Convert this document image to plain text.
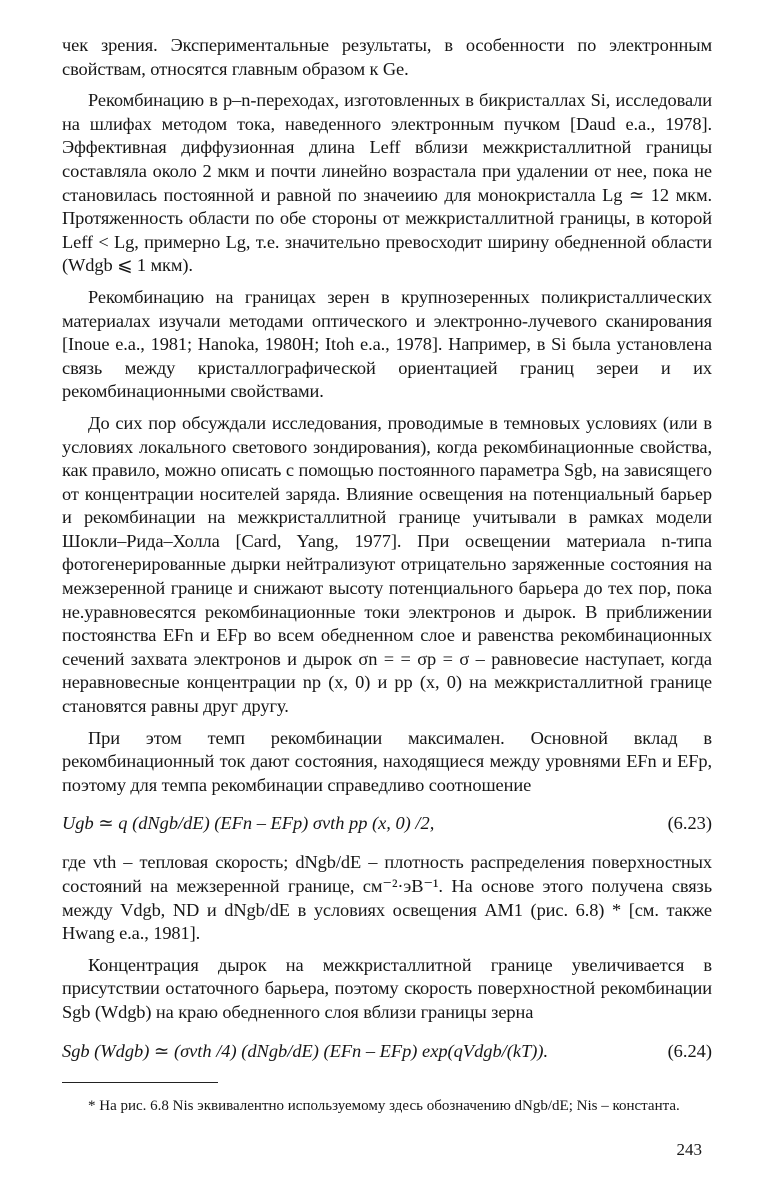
чек зрения. Экспериментальные результаты, в особенности по электронным свойствам, относятся главным образом к Ge.

Рекомбинацию в p–n-переходах, изготовленных в бикристаллах Si, исследовали на шлифах методом тока, наведенного электронным пучком [Daud e.a., 1978]. Эффективная диффузионная длина Leff вблизи межкристаллитной границы составляла около 2 мкм и почти линейно возрастала при удалении от нее, пока не становилась постоянной и равной по значеиию для монокристалла Lg ≃ 12 мкм. Протяженность области по обе стороны от межкристаллитной границы, в которой Leff < Lg, примерно Lg, т.е. значительно превосходит ширину обедненной области (Wdgb ⩽ 1 мкм).

Рекомбинацию на границах зерен в крупнозеренных поликристаллических материалах изучали методами оптического и электронно-лучевого сканирования [Inoue e.a., 1981; Hanoka, 1980H; Itoh e.a., 1978]. Например, в Si была установлена связь между кристаллографической ориентацией границ зереи и их рекомбинационными свойствами.

До сих пор обсуждали исследования, проводимые в темновых условиях (или в условиях локального светового зондирования), когда рекомбинационные свойства, как правило, можно описать с помощью постоянного параметра Sgb, на зависящего от концентрации носителей заряда. Влияние освещения на потенциальный барьер и рекомбинации на межкристаллитной границе учитывали в рамках модели Шокли–Рида–Холла [Card, Yang, 1977]. При освещении материала n-типа фотогенерированные дырки нейтрализуют отрицательно заряженные состояния на межзеренной границе и снижают высоту потенциального барьера до тех пор, пока не.уравновесятся рекомбинационные токи электронов и дырок. В приближении постоянства EFn и EFp во всем обедненном слое и равенства рекомбинационных сечений захвата электронов и дырок σn = = σp = σ – равновесие наступает, когда неравновесные концентрации np (x, 0) и pp (x, 0) на межкристаллитной границе становятся равны друг другу.

При этом темп рекомбинации максимален. Основной вклад в рекомбинационный ток дают состояния, находящиеся между уровнями EFn и EFp, поэтому для темпа рекомбинации справедливо соотношение

Ugb ≃ q (dNgb/dE) (EFn – EFp) σvth pp (x, 0) /2,	(6.23)

где vth – тепловая скорость; dNgb/dE – плотность распределения поверхностных состояний на межзеренной границе, см⁻²·эВ⁻¹. На основе этого получена связь между Vdgb, ND и dNgb/dE в условиях освещения AM1 (рис. 6.8) * [см. также Hwang e.a., 1981].

Концентрация дырок на межкристаллитной границе увеличивается в присутствии остаточного барьера, поэтому скорость поверхностной рекомбинации Sgb (Wdgb) на краю обедненного слоя вблизи границы зерна

Sgb (Wdgb) ≃ (σvth /4) (dNgb/dE) (EFn – EFp) exp(qVdgb/(kT)).	(6.24)
* На рис. 6.8 Nis эквивалентно используемому здесь обозначению dNgb/dE; Nis – константа.
243
